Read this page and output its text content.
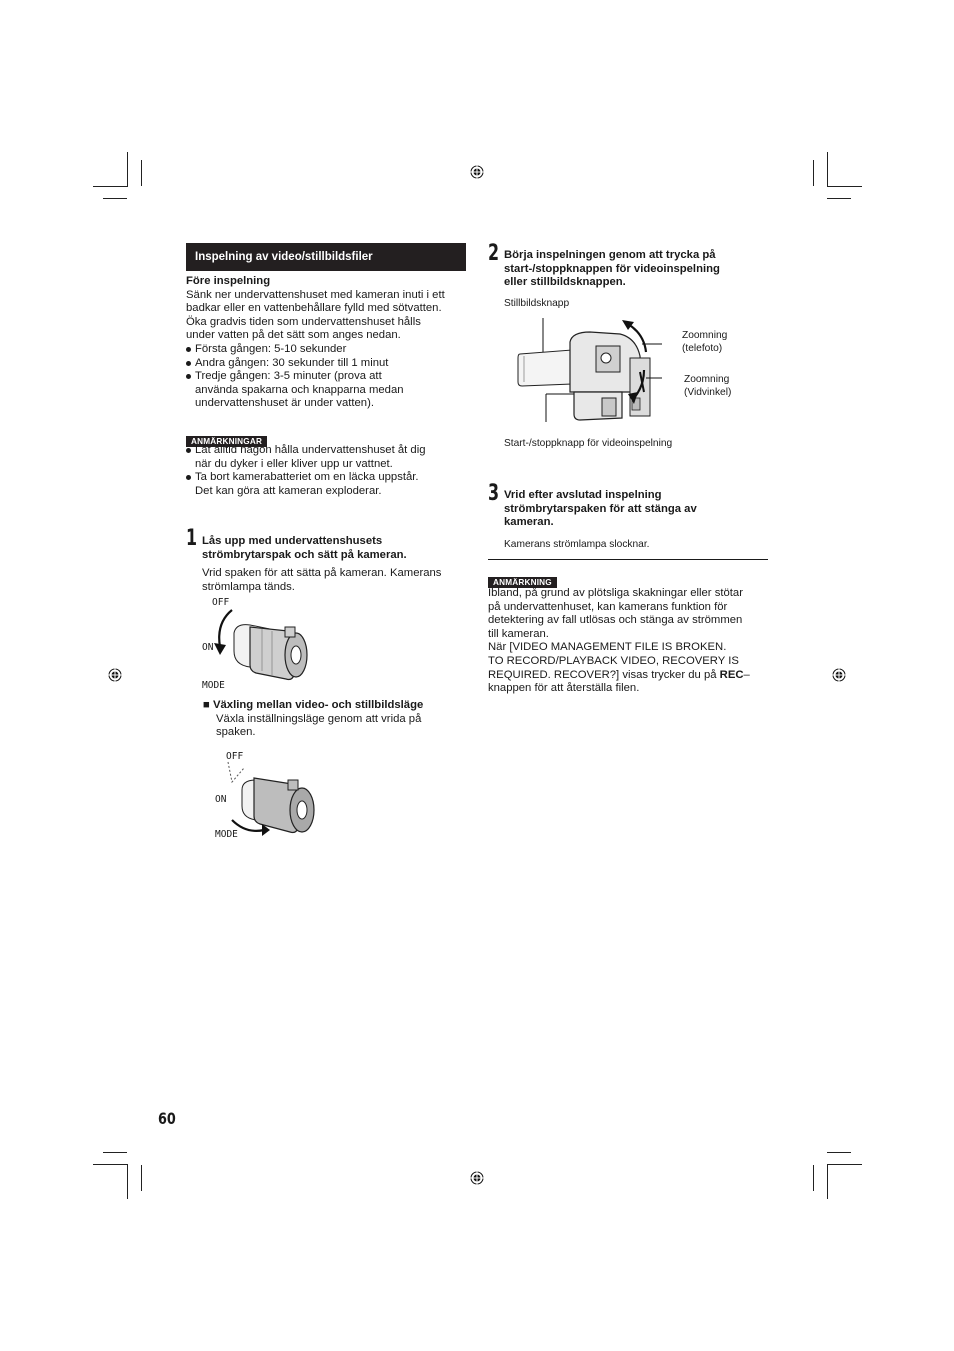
Inspelning av video/stillbildsfiler
Före inspelning
Sänk ner undervattenshuset med kameran inuti i ett
badkar eller en vattenbehållare fylld med sötvatten.
Öka gradvis tiden som undervattenshuset hålls
under vatten på det sätt som anges nedan.
Första gången: 5-10 sekunder
Andra gången: 30 sekunder till 1 minut
Tredje gången: 3-5 minuter (prova att
använda spakarna och knapparna medan
undervattenshuset är under vatten).
ANMÄRKNINGAR
Låt alltid någon hålla undervattenshuset åt dig
när du dyker i eller kliver upp ur vattnet.
Ta bort kamerabatteriet om en läcka uppstår.
Det kan göra att kameran exploderar.
1 Lås upp med undervattenshusets
strömbrytarspak och sätt på kameran.
Vrid spaken för att sätta på kameran. Kamerans
strömlampa tänds.
OFF
ON
MODE
■ Växling mellan video- och stillbildsläge
Växla inställningsläge genom att vrida på
spaken.
OFF
ON
MODE
2 Börja inspelningen genom att trycka på
start-/stoppknappen för videoinspelning
eller stillbildsknappen.
Stillbildsknapp
Zoomning
(telefoto)
Zoomning
(Vidvinkel)
Start-/stoppknapp för videoinspelning
3 Vrid efter avslutad inspelning
strömbrytarspaken för att stänga av
kameran.
Kamerans strömlampa slocknar.
ANMÄRKNING
Ibland, på grund av plötsliga skakningar eller stötar
på undervattenhuset, kan kamerans funktion för
detektering av fall utlösas och stänga av strömmen
till kameran.
När [VIDEO MANAGEMENT FILE IS BROKEN.
TO RECORD/PLAYBACK VIDEO, RECOVERY IS
REQUIRED. RECOVER?] visas trycker du på REC–
knappen för att återställa filen.
60
